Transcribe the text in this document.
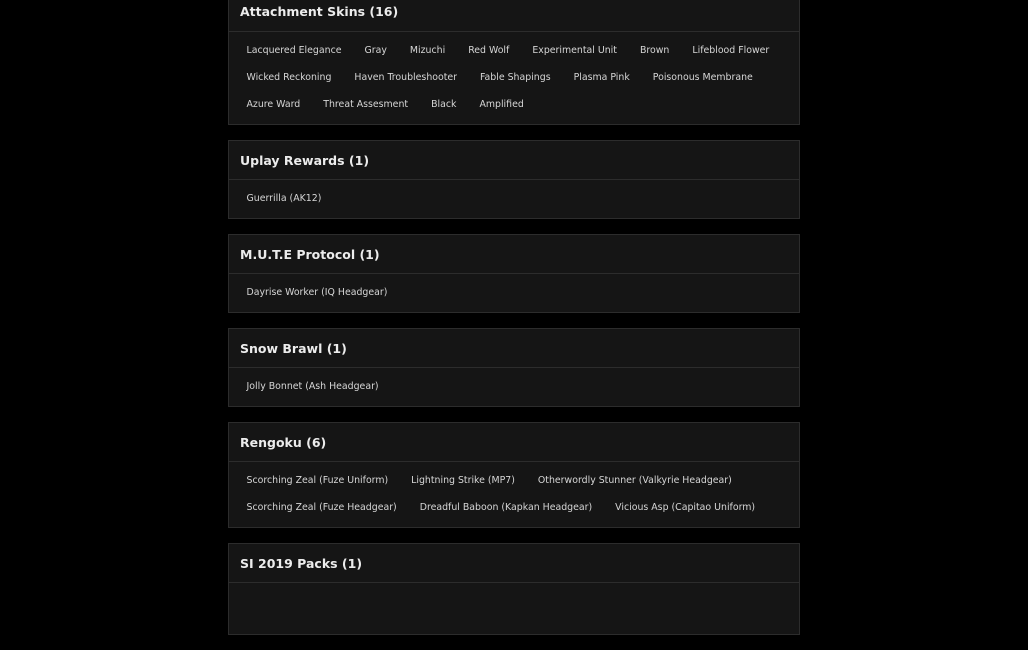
Attachment Skins (16)
Lacquered Elegance	Gray	Mizuchi	Red Wolf	Experimental Unit	Brown	Lifeblood Flower
Wicked Reckoning	Haven Troubleshooter	Fable Shapings	Plasma Pink	Poisonous Membrane
Azure Ward	Threat Assesment	Black	Amplified
Uplay Rewards (1)
Guerrilla (AK12)
M.U.T.E Protocol (1)
Dayrise Worker (IQ Headgear)
Snow Brawl (1)
Jolly Bonnet (Ash Headgear)
Rengoku (6)
Scorching Zeal (Fuze Uniform)	Lightning Strike (MP7)	Otherwordly Stunner (Valkyrie Headgear)
Scorching Zeal (Fuze Headgear)	Dreadful Baboon (Kapkan Headgear)	Vicious Asp (Capitao Uniform)
SI 2019 Packs (1)
